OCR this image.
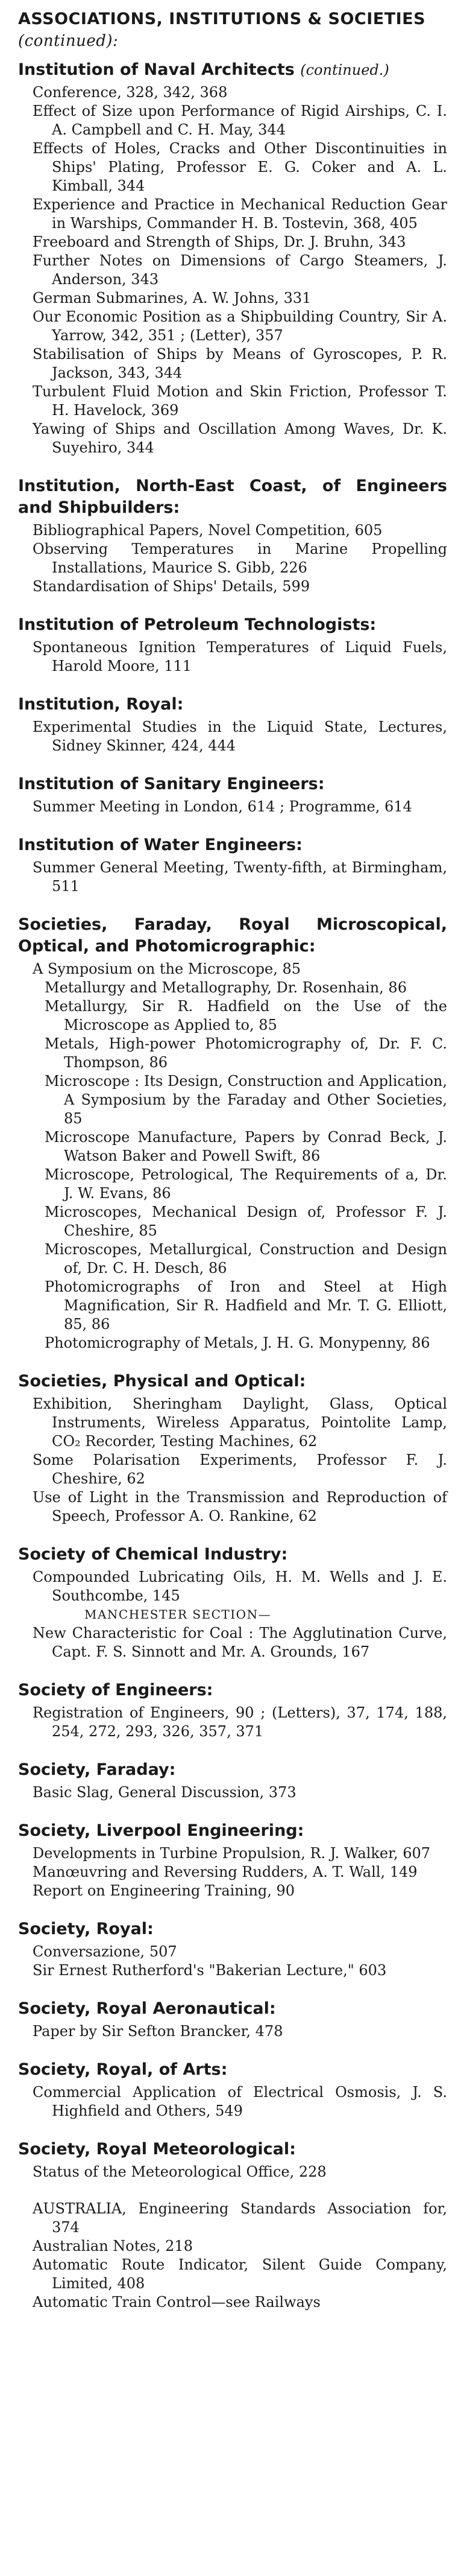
ASSOCIATIONS, INSTITUTIONS & SOCIETIES (continued):
Institution of Naval Architects (continued.)
Conference, 328, 342, 368
Effect of Size upon Performance of Rigid Airships, C. I. A. Campbell and C. H. May, 344
Effects of Holes, Cracks and Other Discontinuities in Ships' Plating, Professor E. G. Coker and A. L. Kimball, 344
Experience and Practice in Mechanical Reduction Gear in Warships, Commander H. B. Tostevin, 368, 405
Freeboard and Strength of Ships, Dr. J. Bruhn, 343
Further Notes on Dimensions of Cargo Steamers, J. Anderson, 343
German Submarines, A. W. Johns, 331
Our Economic Position as a Shipbuilding Country, Sir A. Yarrow, 342, 351 ; (Letter), 357
Stabilisation of Ships by Means of Gyroscopes, P. R. Jackson, 343, 344
Turbulent Fluid Motion and Skin Friction, Professor T. H. Havelock, 369
Yawing of Ships and Oscillation Among Waves, Dr. K. Suyehiro, 344
Institution, North-East Coast, of Engineers and Shipbuilders:
Bibliographical Papers, Novel Competition, 605
Observing Temperatures in Marine Propelling Installations, Maurice S. Gibb, 226
Standardisation of Ships' Details, 599
Institution of Petroleum Technologists:
Spontaneous Ignition Temperatures of Liquid Fuels, Harold Moore, 111
Institution, Royal:
Experimental Studies in the Liquid State, Lectures, Sidney Skinner, 424, 444
Institution of Sanitary Engineers:
Summer Meeting in London, 614 ; Programme, 614
Institution of Water Engineers:
Summer General Meeting, Twenty-fifth, at Birmingham, 511
Societies, Faraday, Royal Microscopical, Optical, and Photomicrographic:
A Symposium on the Microscope, 85
Metallurgy and Metallography, Dr. Rosenhain, 86
Metallurgy, Sir R. Hadfield on the Use of the Microscope as Applied to, 85
Metals, High-power Photomicrography of, Dr. F. C. Thompson, 86
Microscope : Its Design, Construction and Application, A Symposium by the Faraday and Other Societies, 85
Microscope Manufacture, Papers by Conrad Beck, J. Watson Baker and Powell Swift, 86
Microscope, Petrological, The Requirements of a, Dr. J. W. Evans, 86
Microscopes, Mechanical Design of, Professor F. J. Cheshire, 85
Microscopes, Metallurgical, Construction and Design of, Dr. C. H. Desch, 86
Photomicrographs of Iron and Steel at High Magnification, Sir R. Hadfield and Mr. T. G. Elliott, 85, 86
Photomicrography of Metals, J. H. G. Monypenny, 86
Societies, Physical and Optical:
Exhibition, Sheringham Daylight, Glass, Optical Instruments, Wireless Apparatus, Pointolite Lamp, CO₂ Recorder, Testing Machines, 62
Some Polarisation Experiments, Professor F. J. Cheshire, 62
Use of Light in the Transmission and Reproduction of Speech, Professor A. O. Rankine, 62
Society of Chemical Industry:
Compounded Lubricating Oils, H. M. Wells and J. E. Southcombe, 145
MANCHESTER SECTION—
New Characteristic for Coal : The Agglutination Curve, Capt. F. S. Sinnott and Mr. A. Grounds, 167
Society of Engineers:
Registration of Engineers, 90 ; (Letters), 37, 174, 188, 254, 272, 293, 326, 357, 371
Society, Faraday:
Basic Slag, General Discussion, 373
Society, Liverpool Engineering:
Developments in Turbine Propulsion, R. J. Walker, 607
Manœuvring and Reversing Rudders, A. T. Wall, 149
Report on Engineering Training, 90
Society, Royal:
Conversazione, 507
Sir Ernest Rutherford's "Bakerian Lecture," 603
Society, Royal Aeronautical:
Paper by Sir Sefton Brancker, 478
Society, Royal, of Arts:
Commercial Application of Electrical Osmosis, J. S. Highfield and Others, 549
Society, Royal Meteorological:
Status of the Meteorological Office, 228
AUSTRALIA, Engineering Standards Association for, 374
Australian Notes, 218
Automatic Route Indicator, Silent Guide Company, Limited, 408
Automatic Train Control—see Railways
